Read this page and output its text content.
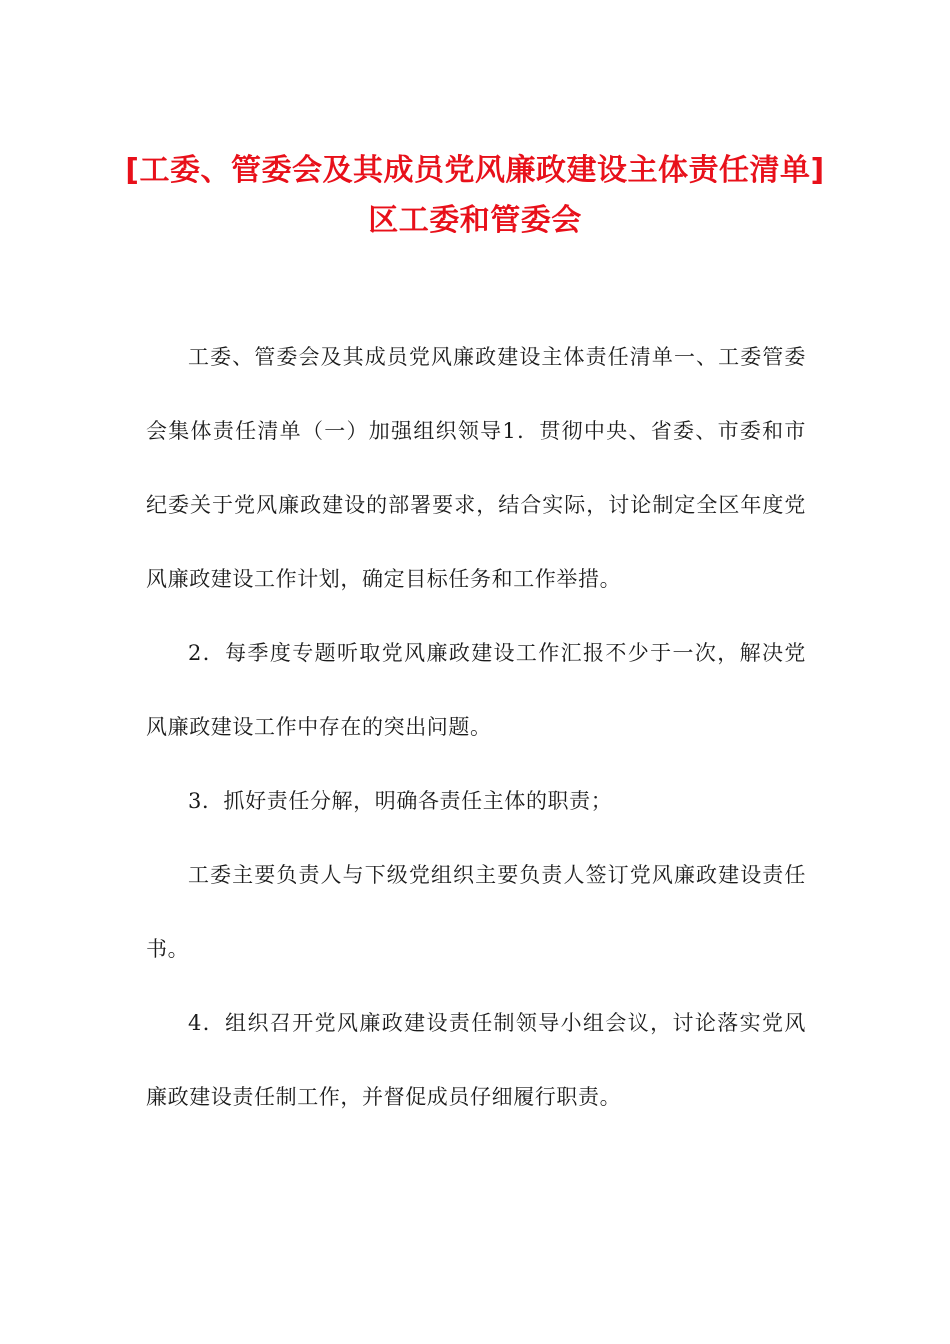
[工委、管委会及其成员党风廉政建设主体责任清单] 区工委和管委会

工委、管委会及其成员党风廉政建设主体责任清单一、工委管委会集体责任清单（一）加强组织领导1．贯彻中央、省委、市委和市纪委关于党风廉政建设的部署要求，结合实际，讨论制定全区年度党风廉政建设工作计划，确定目标任务和工作举措。

2．每季度专题听取党风廉政建设工作汇报不少于一次，解决党风廉政建设工作中存在的突出问题。

3．抓好责任分解，明确各责任主体的职责；

工委主要负责人与下级党组织主要负责人签订党风廉政建设责任书。

4．组织召开党风廉政建设责任制领导小组会议，讨论落实党风廉政建设责任制工作，并督促成员仔细履行职责。
